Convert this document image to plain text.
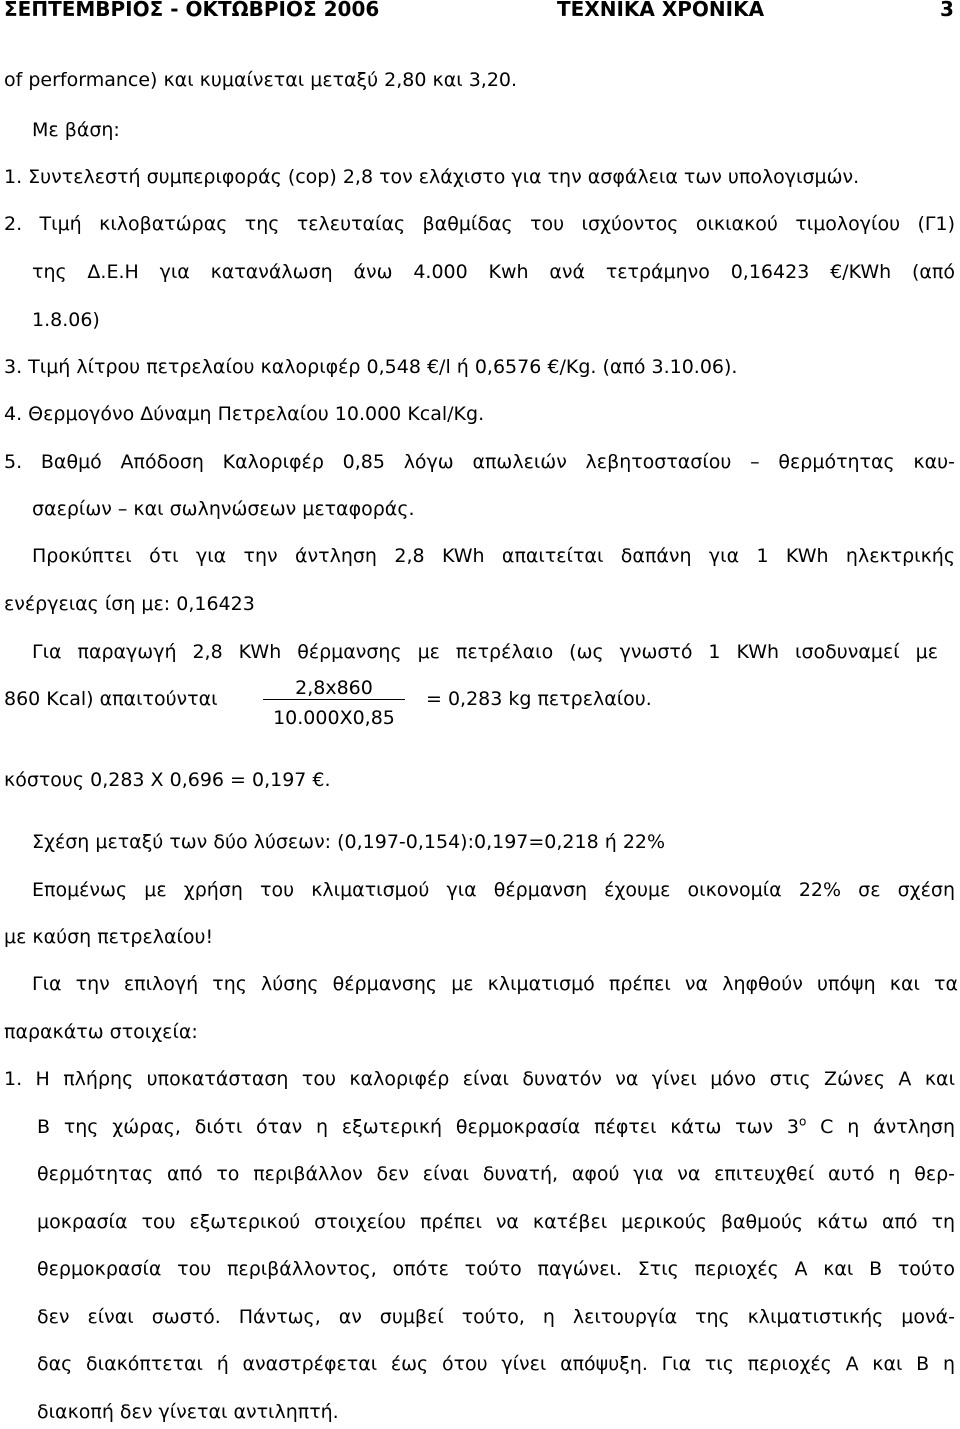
ΣΕΠΤΕΜΒΡΙΟΣ - ΟΚΤΩΒΡΙΟΣ 2006	ΤΕΧΝΙΚΑ ΧΡΟΝΙΚΑ	3
of performance) και κυμαίνεται μεταξύ 2,80 και 3,20.
Με βάση:
1. Συντελεστή συμπεριφοράς (cop) 2,8 τον ελάχιστο για την ασφάλεια των υπολογισμών.
2. Τιμή κιλοβατώρας της τελευταίας βαθμίδας του ισχύοντος οικιακού τιμολογίου (Γ1)
της Δ.Ε.Η για κατανάλωση άνω 4.000 Kwh ανά τετράμηνο 0,16423 €/KWh (από
1.8.06)
3. Τιμή λίτρου πετρελαίου καλοριφέρ 0,548 €/l ή 0,6576 €/Kg. (από 3.10.06).
4. Θερμογόνο Δύναμη Πετρελαίου 10.000 Kcal/Kg.
5. Βαθμό Απόδοση Καλοριφέρ 0,85 λόγω απωλειών λεβητοστασίου – θερμότητας καυ-
σαερίων – και σωληνώσεων μεταφοράς.
Προκύπτει ότι για την άντληση 2,8 KWh απαιτείται δαπάνη για 1 KWh ηλεκτρικής
ενέργειας ίση με: 0,16423
Για παραγωγή 2,8 KWh θέρμανσης με πετρέλαιο (ως γνωστό 1 KWh ισοδυναμεί με
860 Kcal) απαιτούνται	2,8x860
10.000X0,85
= 0,283 kg πετρελαίου.
κόστους 0,283 X 0,696 = 0,197 €.
Σχέση μεταξύ των δύο λύσεων: (0,197-0,154):0,197=0,218 ή 22%
Επομένως με χρήση του κλιματισμού για θέρμανση έχουμε οικονομία 22% σε σχέση
με καύση πετρελαίου!
Για την επιλογή της λύσης θέρμανσης με κλιματισμό πρέπει να ληφθούν υπόψη και τα
παρακάτω στοιχεία:
1. Η πλήρης υποκατάσταση του καλοριφέρ είναι δυνατόν να γίνει μόνο στις Ζώνες Α και
Β της χώρας, διότι όταν η εξωτερική θερμοκρασία πέφτει κάτω των $3^o$ C η άντληση
θερμότητας από το περιβάλλον δεν είναι δυνατή, αφού για να επιτευχθεί αυτό η θερ-
μοκρασία του εξωτερικού στοιχείου πρέπει να κατέβει μερικούς βαθμούς κάτω από τη
θερμοκρασία του περιβάλλοντος, οπότε τούτο παγώνει. Στις περιοχές Α και Β τούτο
δεν είναι σωστό. Πάντως, αν συμβεί τούτο, η λειτουργία της κλιματιστικής μονά-
δας διακόπτεται ή αναστρέφεται έως ότου γίνει απόψυξη. Για τις περιοχές Α και Β η
διακοπή δεν γίνεται αντιληπτή.
